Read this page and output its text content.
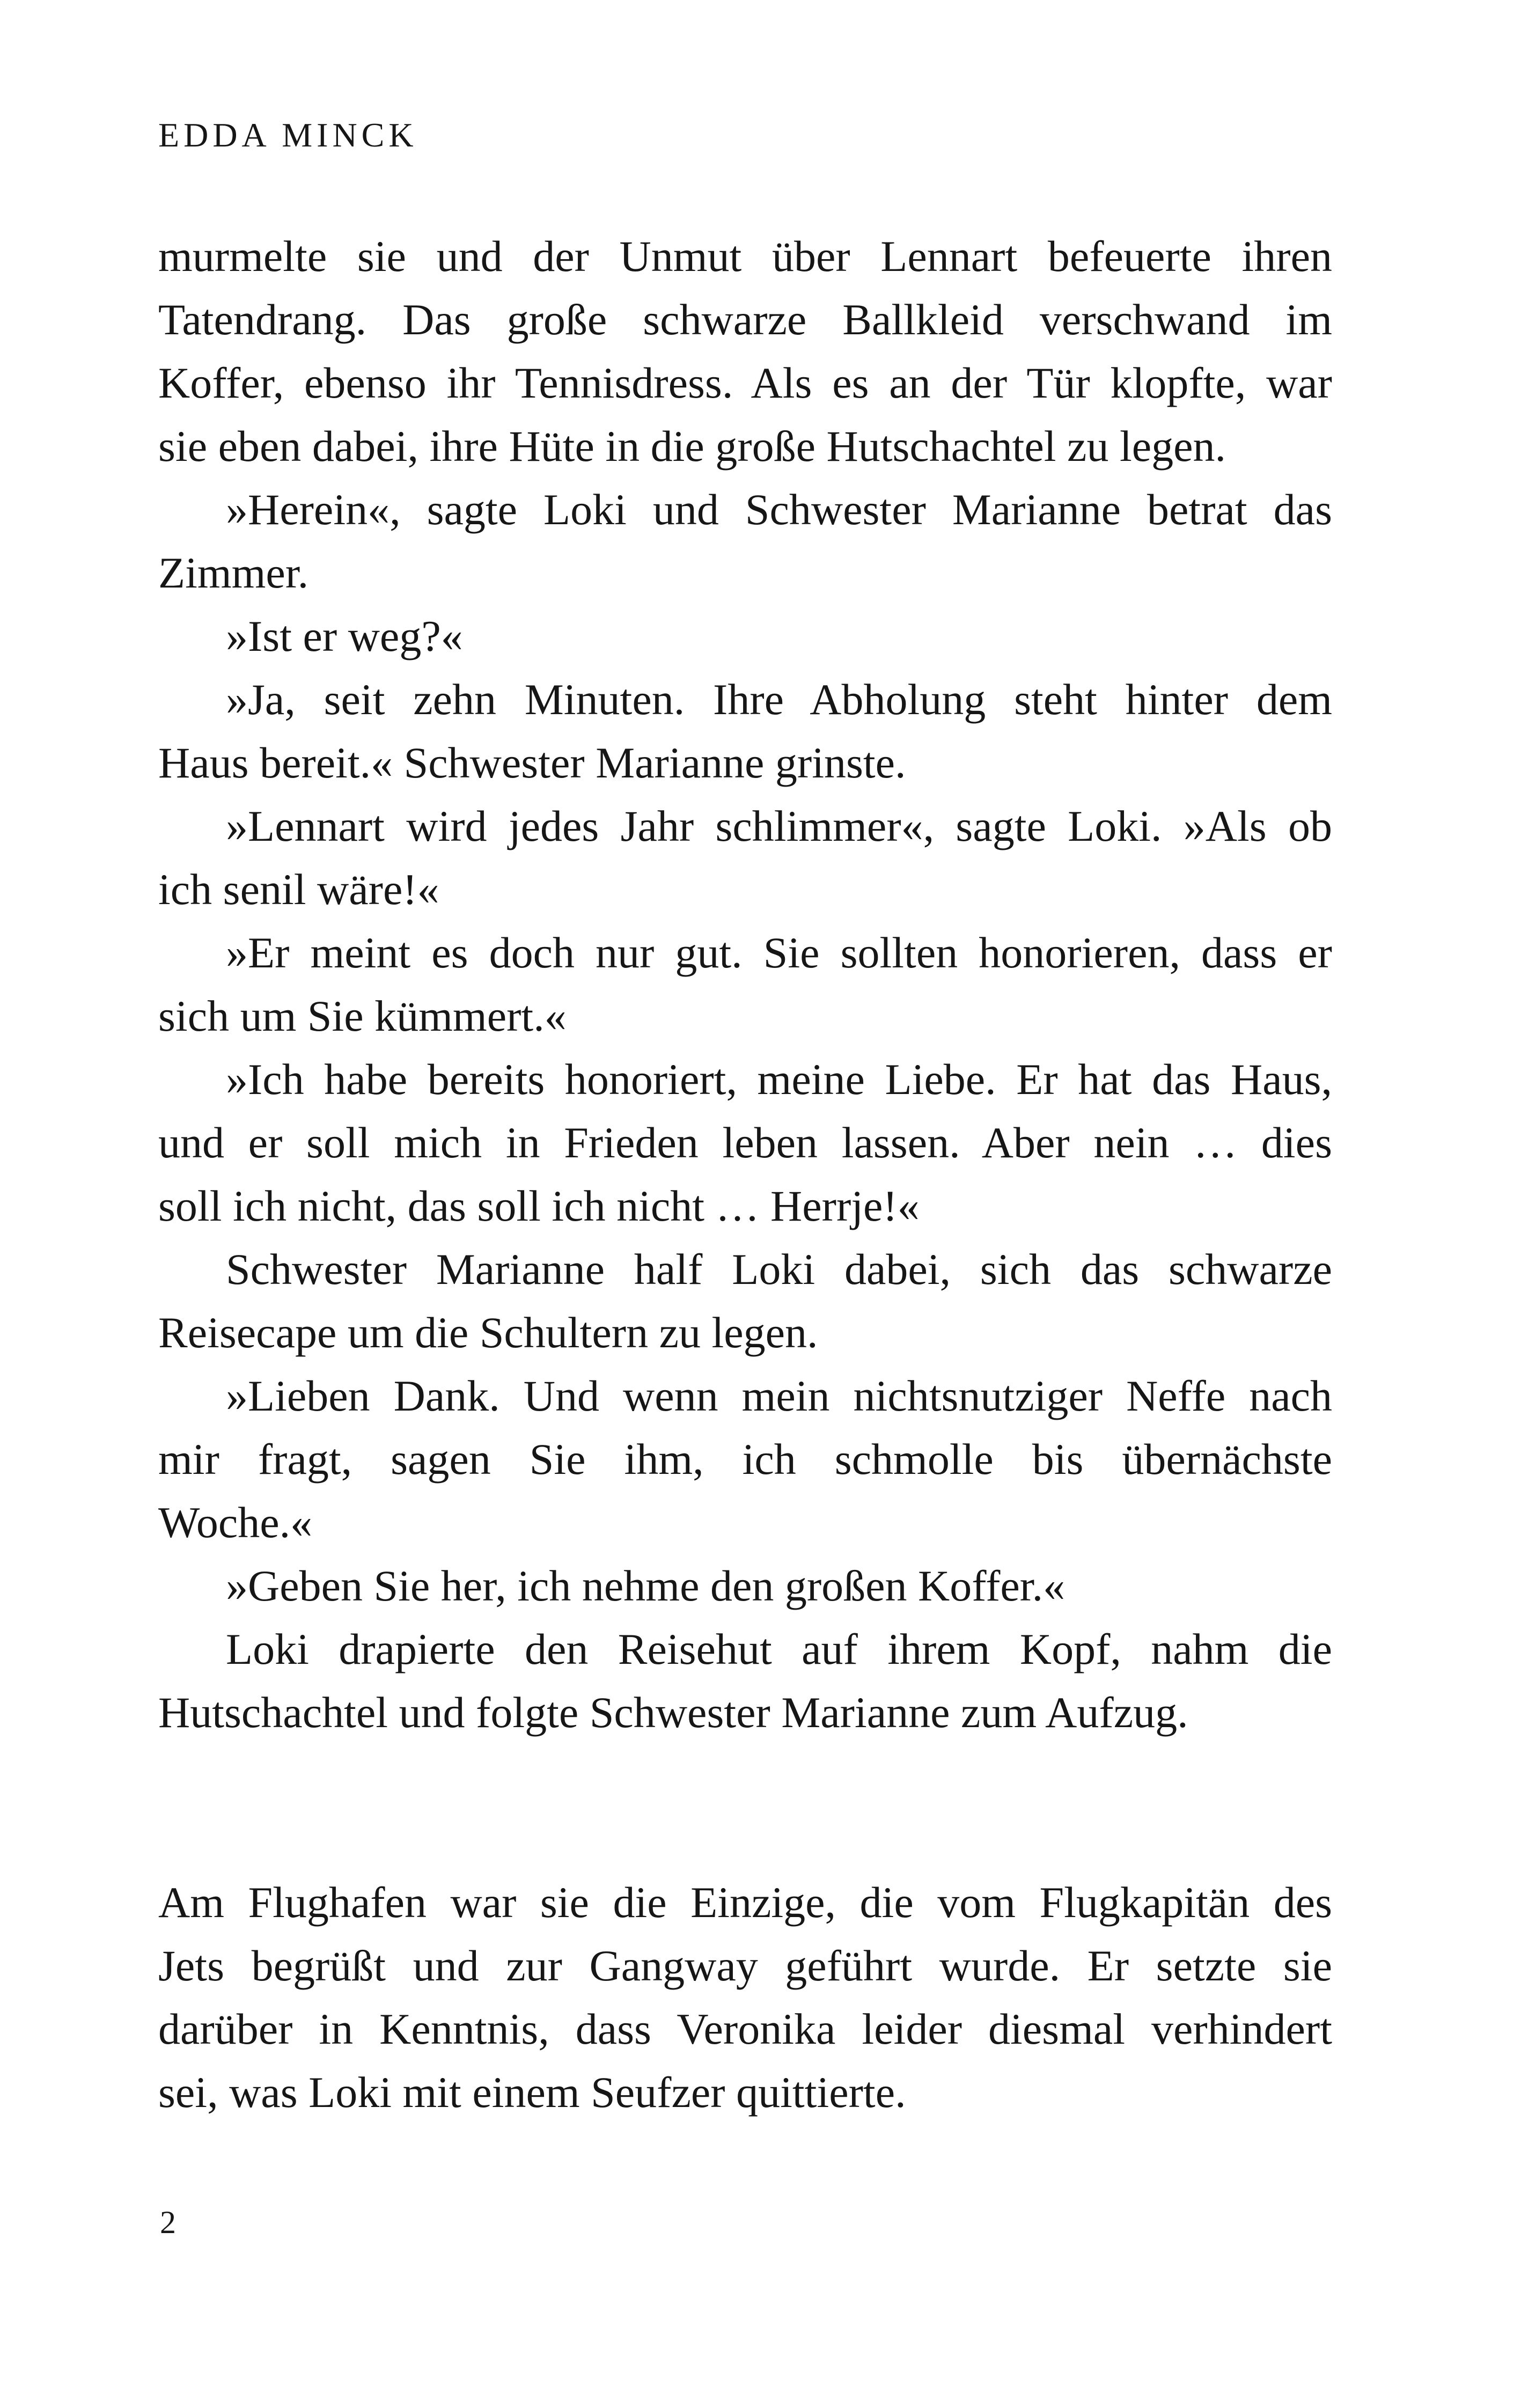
EDDA MINCK
murmelte sie und der Unmut über Lennart befeuerte ihren
Tatendrang. Das große schwarze Ballkleid verschwand im
Koffer, ebenso ihr Tennisdress. Als es an der Tür klopfte, war
sie eben dabei, ihre Hüte in die große Hutschachtel zu legen.
»Herein«, sagte Loki und Schwester Marianne betrat das
Zimmer.
»Ist er weg?«
»Ja, seit zehn Minuten. Ihre Abholung steht hinter dem
Haus bereit.« Schwester Marianne grinste.
»Lennart wird jedes Jahr schlimmer«, sagte Loki. »Als ob
ich senil wäre!«
»Er meint es doch nur gut. Sie sollten honorieren, dass er
sich um Sie kümmert.«
»Ich habe bereits honoriert, meine Liebe. Er hat das Haus,
und er soll mich in Frieden leben lassen. Aber nein … dies
soll ich nicht, das soll ich nicht … Herrje!«
Schwester Marianne half Loki dabei, sich das schwarze
Reisecape um die Schultern zu legen.
»Lieben Dank. Und wenn mein nichtsnutziger Neffe nach
mir fragt, sagen Sie ihm, ich schmolle bis übernächste
Woche.«
»Geben Sie her, ich nehme den großen Koffer.«
Loki drapierte den Reisehut auf ihrem Kopf, nahm die
Hutschachtel und folgte Schwester Marianne zum Aufzug.
Am Flughafen war sie die Einzige, die vom Flugkapitän des
Jets begrüßt und zur Gangway geführt wurde. Er setzte sie
darüber in Kenntnis, dass Veronika leider diesmal verhindert
sei, was Loki mit einem Seufzer quittierte.
2
